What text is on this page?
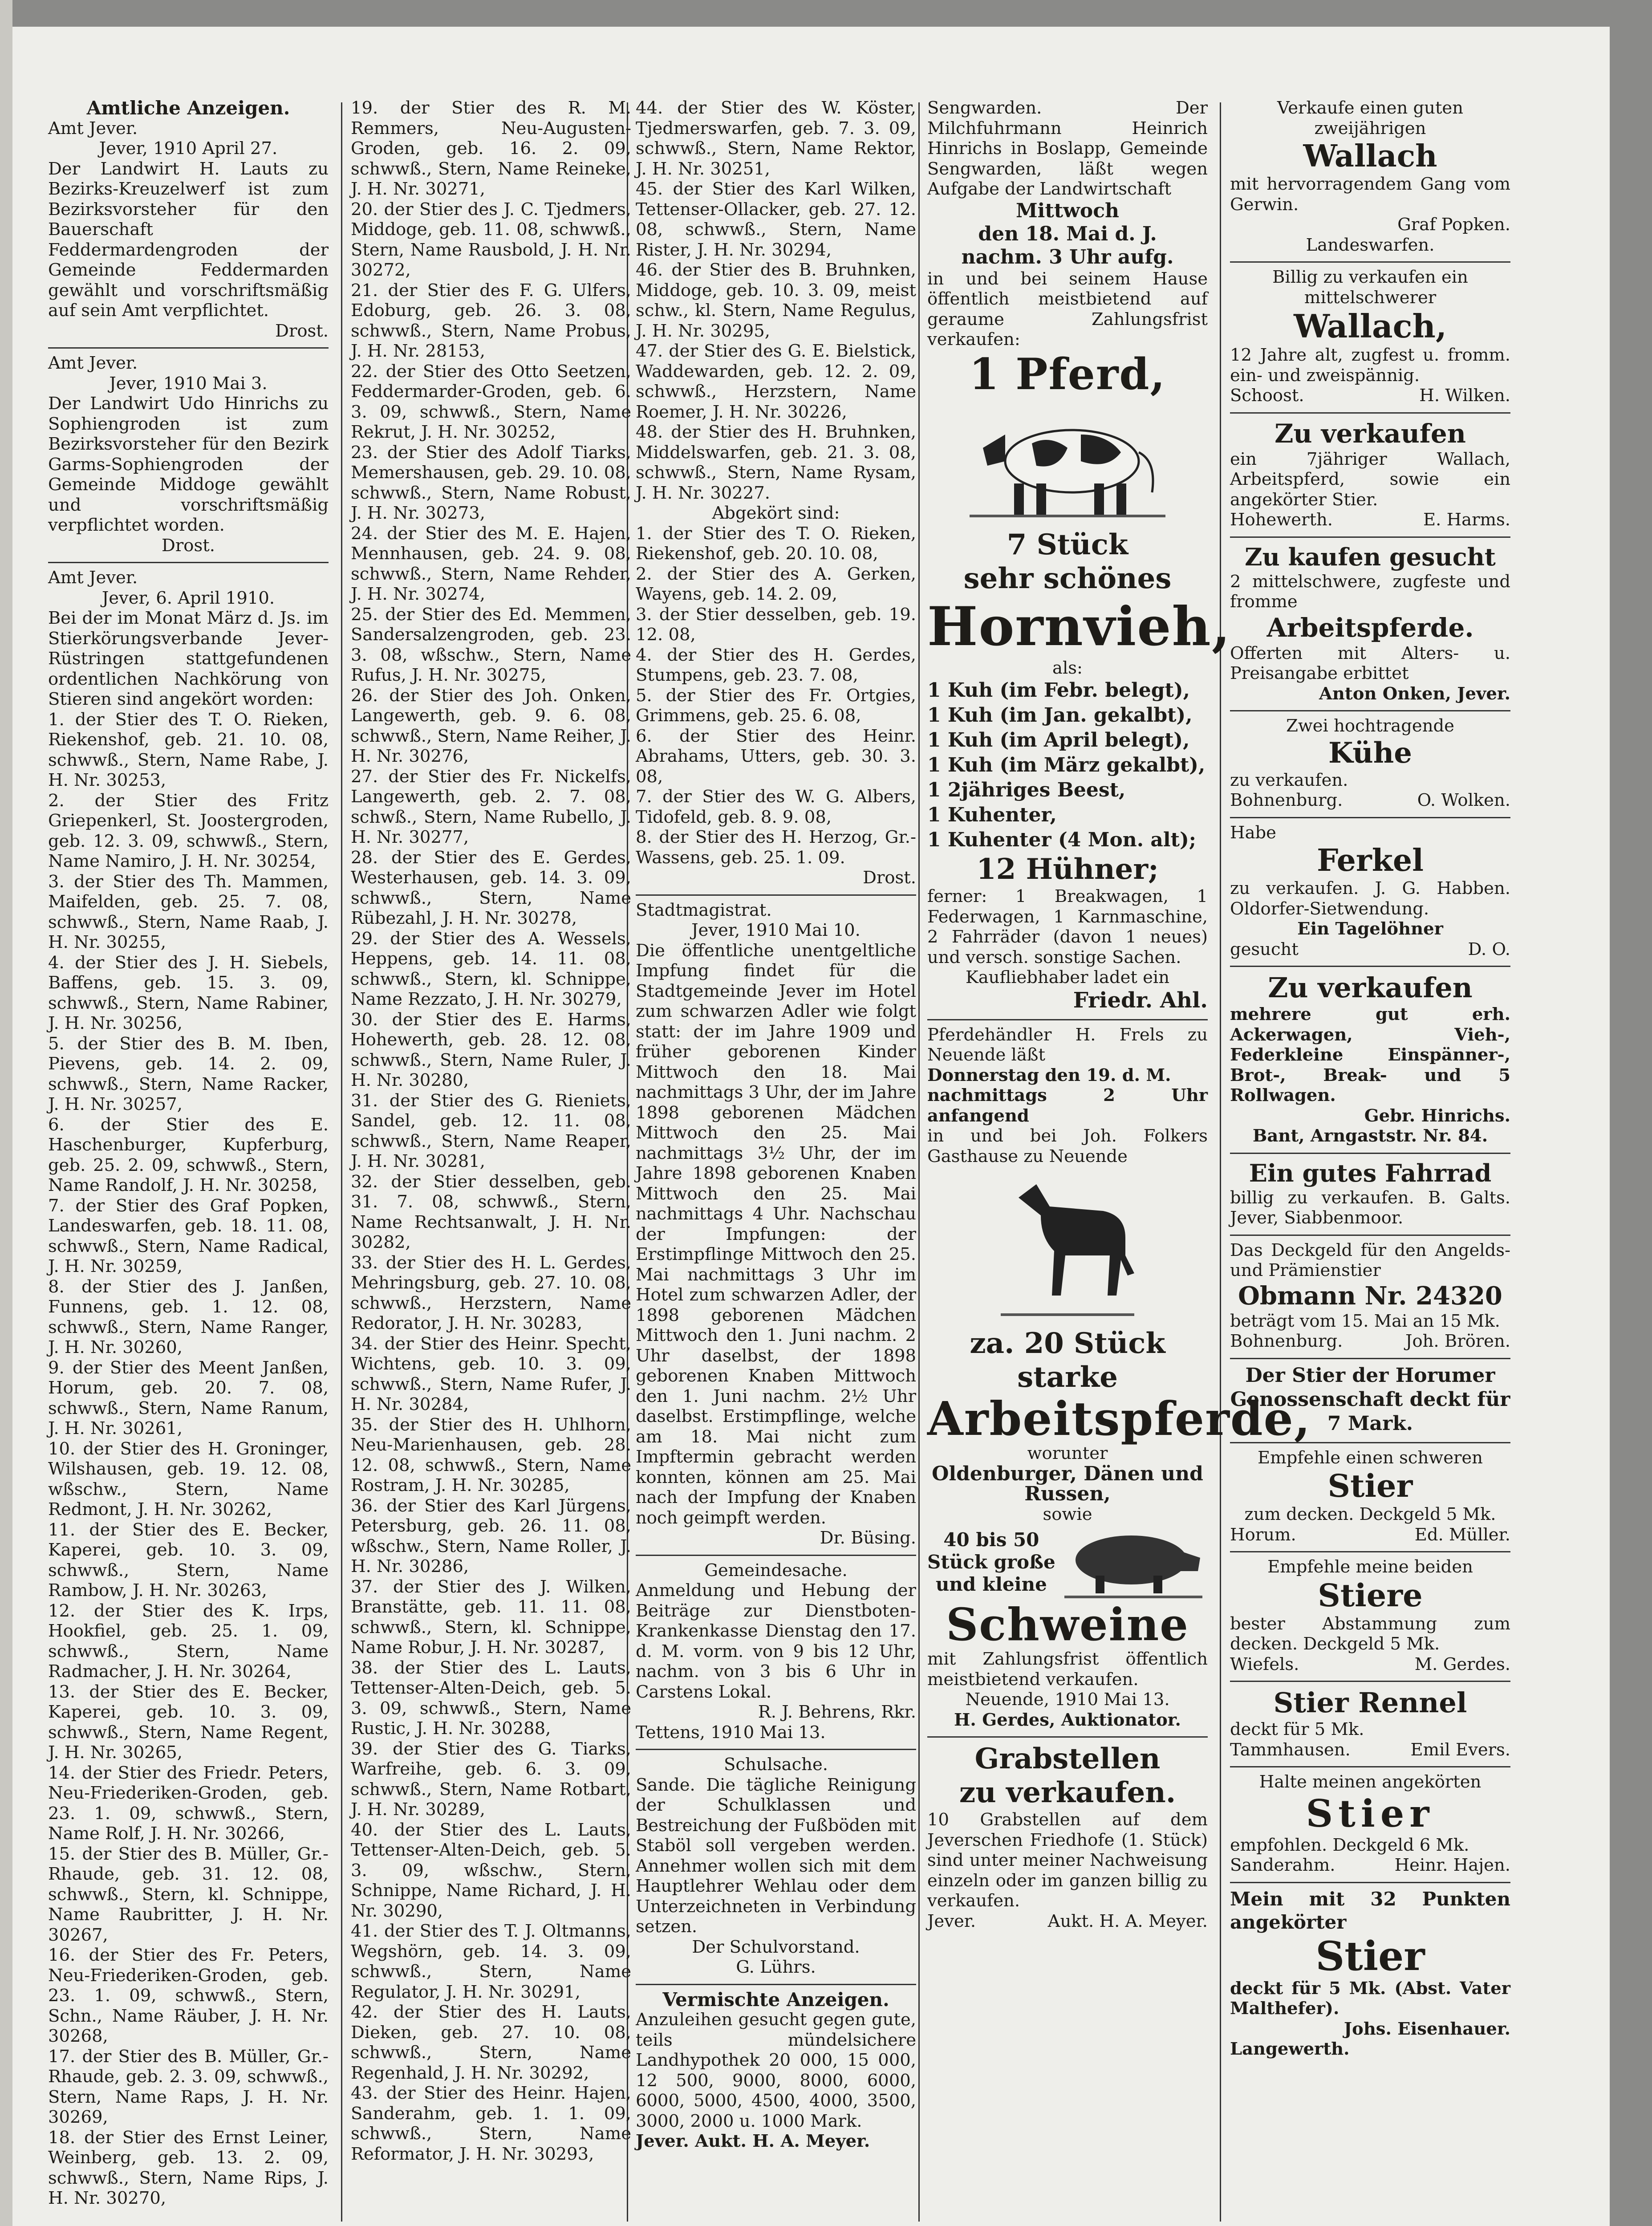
Amtliche Anzeigen.

Amt Jever.

Jever, 1910 April 27.

Der Landwirt H. Lauts zu Bezirks-Kreuzelwerf ist zum Bezirksvorsteher für den Bauerschaft Feddermardengroden der Gemeinde Feddermarden gewählt und vorschriftsmäßig auf sein Amt verpflichtet.

Drost.

Amt Jever.

Jever, 1910 Mai 3.

Der Landwirt Udo Hinrichs zu Sophiengroden ist zum Bezirksvorsteher für den Bezirk Garms-Sophiengroden der Gemeinde Middoge gewählt und vorschriftsmäßig verpflichtet worden.

Drost.

Amt Jever.

Jever, 6. April 1910.

Bei der im Monat März d. Js. im Stierkörungsverbande Jever-Rüstringen stattgefundenen ordentlichen Nachkörung von Stieren sind angekört worden:

1. der Stier des T. O. Rieken, Riekenshof, geb. 21. 10. 08, schwwß., Stern, Name Rabe, J. H. Nr. 30253,

2. der Stier des Fritz Griepenkerl, St. Joostergroden, geb. 12. 3. 09, schwwß., Stern, Name Namiro, J. H. Nr. 30254,

3. der Stier des Th. Mammen, Maifelden, geb. 25. 7. 08, schwwß., Stern, Name Raab, J. H. Nr. 30255,

4. der Stier des J. H. Siebels, Baffens, geb. 15. 3. 09, schwwß., Stern, Name Rabiner, J. H. Nr. 30256,

5. der Stier des B. M. Iben, Pievens, geb. 14. 2. 09, schwwß., Stern, Name Racker, J. H. Nr. 30257,

6. der Stier des E. Haschenburger, Kupferburg, geb. 25. 2. 09, schwwß., Stern, Name Randolf, J. H. Nr. 30258,

7. der Stier des Graf Popken, Landeswarfen, geb. 18. 11. 08, schwwß., Stern, Name Radical, J. H. Nr. 30259,

8. der Stier des J. Janßen, Funnens, geb. 1. 12. 08, schwwß., Stern, Name Ranger, J. H. Nr. 30260,

9. der Stier des Meent Janßen, Horum, geb. 20. 7. 08, schwwß., Stern, Name Ranum, J. H. Nr. 30261,

10. der Stier des H. Groninger, Wilshausen, geb. 19. 12. 08, wßschw., Stern, Name Redmont, J. H. Nr. 30262,

11. der Stier des E. Becker, Kaperei, geb. 10. 3. 09, schwwß., Stern, Name Rambow, J. H. Nr. 30263,

12. der Stier des K. Irps, Hookfiel, geb. 25. 1. 09, schwwß., Stern, Name Radmacher, J. H. Nr. 30264,

13. der Stier des E. Becker, Kaperei, geb. 10. 3. 09, schwwß., Stern, Name Regent, J. H. Nr. 30265,

14. der Stier des Friedr. Peters, Neu-Friederiken-Groden, geb. 23. 1. 09, schwwß., Stern, Name Rolf, J. H. Nr. 30266,

15. der Stier des B. Müller, Gr.-Rhaude, geb. 31. 12. 08, schwwß., Stern, kl. Schnippe, Name Raubritter, J. H. Nr. 30267,

16. der Stier des Fr. Peters, Neu-Friederiken-Groden, geb. 23. 1. 09, schwwß., Stern, Schn., Name Räuber, J. H. Nr. 30268,

17. der Stier des B. Müller, Gr.-Rhaude, geb. 2. 3. 09, schwwß., Stern, Name Raps, J. H. Nr. 30269,

18. der Stier des Ernst Leiner, Weinberg, geb. 13. 2. 09, schwwß., Stern, Name Rips, J. H. Nr. 30270,

19. der Stier des R. M. Remmers, Neu-Augusten-Groden, geb. 16. 2. 09, schwwß., Stern, Name Reineke, J. H. Nr. 30271,

20. der Stier des J. C. Tjedmers, Middoge, geb. 11. 08, schwwß., Stern, Name Rausbold, J. H. Nr. 30272,

21. der Stier des F. G. Ulfers, Edoburg, geb. 26. 3. 08, schwwß., Stern, Name Probus, J. H. Nr. 28153,

22. der Stier des Otto Seetzen, Feddermarder-Groden, geb. 6. 3. 09, schwwß., Stern, Name Rekrut, J. H. Nr. 30252,

23. der Stier des Adolf Tiarks, Memershausen, geb. 29. 10. 08, schwwß., Stern, Name Robust, J. H. Nr. 30273,

24. der Stier des M. E. Hajen, Mennhausen, geb. 24. 9. 08, schwwß., Stern, Name Rehder, J. H. Nr. 30274,

25. der Stier des Ed. Memmen, Sandersalzengroden, geb. 23. 3. 08, wßschw., Stern, Name Rufus, J. H. Nr. 30275,

26. der Stier des Joh. Onken, Langewerth, geb. 9. 6. 08, schwwß., Stern, Name Reiher, J. H. Nr. 30276,

27. der Stier des Fr. Nickelfs, Langewerth, geb. 2. 7. 08, schwß., Stern, Name Rubello, J. H. Nr. 30277,

28. der Stier des E. Gerdes, Westerhausen, geb. 14. 3. 09, schwwß., Stern, Name Rübezahl, J. H. Nr. 30278,

29. der Stier des A. Wessels, Heppens, geb. 14. 11. 08, schwwß., Stern, kl. Schnippe, Name Rezzato, J. H. Nr. 30279,

30. der Stier des E. Harms, Hohewerth, geb. 28. 12. 08, schwwß., Stern, Name Ruler, J. H. Nr. 30280,

31. der Stier des G. Rieniets, Sandel, geb. 12. 11. 08, schwwß., Stern, Name Reaper, J. H. Nr. 30281,

32. der Stier desselben, geb. 31. 7. 08, schwwß., Stern, Name Rechtsanwalt, J. H. Nr. 30282,

33. der Stier des H. L. Gerdes, Mehringsburg, geb. 27. 10. 08, schwwß., Herzstern, Name Redorator, J. H. Nr. 30283,

34. der Stier des Heinr. Specht, Wichtens, geb. 10. 3. 09, schwwß., Stern, Name Rufer, J. H. Nr. 30284,

35. der Stier des H. Uhlhorn, Neu-Marienhausen, geb. 28. 12. 08, schwwß., Stern, Name Rostram, J. H. Nr. 30285,

36. der Stier des Karl Jürgens, Petersburg, geb. 26. 11. 08, wßschw., Stern, Name Roller, J. H. Nr. 30286,

37. der Stier des J. Wilken, Branstätte, geb. 11. 11. 08, schwwß., Stern, kl. Schnippe, Name Robur, J. H. Nr. 30287,

38. der Stier des L. Lauts, Tettenser-Alten-Deich, geb. 5. 3. 09, schwwß., Stern, Name Rustic, J. H. Nr. 30288,

39. der Stier des G. Tiarks, Warfreihe, geb. 6. 3. 09, schwwß., Stern, Name Rotbart, J. H. Nr. 30289,

40. der Stier des L. Lauts, Tettenser-Alten-Deich, geb. 5. 3. 09, wßschw., Stern, Schnippe, Name Richard, J. H. Nr. 30290,

41. der Stier des T. J. Oltmanns, Wegshörn, geb. 14. 3. 09, schwwß., Stern, Name Regulator, J. H. Nr. 30291,

42. der Stier des H. Lauts, Dieken, geb. 27. 10. 08, schwwß., Stern, Name Regenhald, J. H. Nr. 30292,

43. der Stier des Heinr. Hajen, Sanderahm, geb. 1. 1. 09, schwwß., Stern, Name Reformator, J. H. Nr. 30293,

44. der Stier des W. Köster, Tjedmerswarfen, geb. 7. 3. 09, schwwß., Stern, Name Rektor, J. H. Nr. 30251,

45. der Stier des Karl Wilken, Tettenser-Ollacker, geb. 27. 12. 08, schwwß., Stern, Name Rister, J. H. Nr. 30294,

46. der Stier des B. Bruhnken, Middoge, geb. 10. 3. 09, meist schw., kl. Stern, Name Regulus, J. H. Nr. 30295,

47. der Stier des G. E. Bielstick, Waddewarden, geb. 12. 2. 09, schwwß., Herzstern, Name Roemer, J. H. Nr. 30226,

48. der Stier des H. Bruhnken, Middelswarfen, geb. 21. 3. 08, schwwß., Stern, Name Rysam, J. H. Nr. 30227.

Abgekört sind:

1. der Stier des T. O. Rieken, Riekenshof, geb. 20. 10. 08,

2. der Stier des A. Gerken, Wayens, geb. 14. 2. 09,

3. der Stier desselben, geb. 19. 12. 08,

4. der Stier des H. Gerdes, Stumpens, geb. 23. 7. 08,

5. der Stier des Fr. Ortgies, Grimmens, geb. 25. 6. 08,

6. der Stier des Heinr. Abrahams, Utters, geb. 30. 3. 08,

7. der Stier des W. G. Albers, Tidofeld, geb. 8. 9. 08,

8. der Stier des H. Herzog, Gr.-Wassens, geb. 25. 1. 09.

Drost.

Stadtmagistrat.

Jever, 1910 Mai 10.

Die öffentliche unentgeltliche Impfung findet für die Stadtgemeinde Jever im Hotel zum schwarzen Adler wie folgt statt: der im Jahre 1909 und früher geborenen Kinder Mittwoch den 18. Mai nachmittags 3 Uhr, der im Jahre 1898 geborenen Mädchen Mittwoch den 25. Mai nachmittags 3½ Uhr, der im Jahre 1898 geborenen Knaben Mittwoch den 25. Mai nachmittags 4 Uhr. Nachschau der Impfungen: der Erstimpflinge Mittwoch den 25. Mai nachmittags 3 Uhr im Hotel zum schwarzen Adler, der 1898 geborenen Mädchen Mittwoch den 1. Juni nachm. 2 Uhr daselbst, der 1898 geborenen Knaben Mittwoch den 1. Juni nachm. 2½ Uhr daselbst. Erstimpflinge, welche am 18. Mai nicht zum Impftermin gebracht werden konnten, können am 25. Mai nach der Impfung der Knaben noch geimpft werden.

Dr. Büsing.

Gemeindesache.

Anmeldung und Hebung der Beiträge zur Dienstboten-Krankenkasse Dienstag den 17. d. M. vorm. von 9 bis 12 Uhr, nachm. von 3 bis 6 Uhr in Carstens Lokal.

R. J. Behrens, Rkr.

Tettens, 1910 Mai 13.

Schulsache.

Sande. Die tägliche Reinigung der Schulklassen und Bestreichung der Fußböden mit Staböl soll vergeben werden. Annehmer wollen sich mit dem Hauptlehrer Wehlau oder dem Unterzeichneten in Verbindung setzen.

Der Schulvorstand.

G. Lührs.

Vermischte Anzeigen.

Anzuleihen gesucht gegen gute, teils mündelsichere Landhypothek 20 000, 15 000, 12 500, 9000, 8000, 6000, 6000, 5000, 4500, 4000, 3500, 3000, 2000 u. 1000 Mark.

Jever. Aukt. H. A. Meyer.

Sengwarden. Der Milchfuhrmann Heinrich Hinrichs in Boslapp, Gemeinde Sengwarden, läßt wegen Aufgabe der Landwirtschaft

Mittwoch

den 18. Mai d. J.

nachm. 3 Uhr aufg.

in und bei seinem Hause öffentlich meistbietend auf geraume Zahlungsfrist verkaufen:

1 Pferd,

7 Stück

sehr schönes

Hornvieh,

als:

1 Kuh (im Febr. belegt),

1 Kuh (im Jan. gekalbt),

1 Kuh (im April belegt),

1 Kuh (im März gekalbt),

1 2jähriges Beest,

1 Kuhenter,

1 Kuhenter (4 Mon. alt);

12 Hühner;

ferner: 1 Breakwagen, 1 Federwagen, 1 Karnmaschine, 2 Fahrräder (davon 1 neues) und versch. sonstige Sachen.

Kaufliebhaber ladet ein

Friedr. Ahl.

Pferdehändler H. Frels zu Neuende läßt

Donnerstag den 19. d. M.

nachmittags 2 Uhr anfangend

in und bei Joh. Folkers Gasthause zu Neuende

za. 20 Stück

starke

Arbeitspferde,

worunter

Oldenburger, Dänen und Russen,

sowie

40 bis 50

Stück große

und kleine

Schweine

mit Zahlungsfrist öffentlich meistbietend verkaufen.

Neuende, 1910 Mai 13.

H. Gerdes, Auktionator.

Grabstellen

zu verkaufen.

10 Grabstellen auf dem Jeverschen Friedhofe (1. Stück) sind unter meiner Nachweisung einzeln oder im ganzen billig zu verkaufen.

Jever.	Aukt. H. A. Meyer.

Verkaufe einen guten zweijährigen

Wallach

mit hervorragendem Gang vom Gerwin.

Graf Popken.

Landeswarfen.

Billig zu verkaufen ein mittelschwerer

Wallach,

12 Jahre alt, zugfest u. fromm. ein- und zweispännig.

Schoost.	H. Wilken.

Zu verkaufen

ein 7jähriger Wallach, Arbeitspferd, sowie ein angekörter Stier.

Hohewerth.	E. Harms.

Zu kaufen gesucht

2 mittelschwere, zugfeste und fromme

Arbeitspferde.

Offerten mit Alters- u. Preisangabe erbittet

Anton Onken, Jever.

Zwei hochtragende

Kühe

zu verkaufen.

Bohnenburg.	O. Wolken.

Habe

Ferkel

zu verkaufen. J. G. Habben. Oldorfer-Sietwendung.

Ein Tagelöhner

gesucht	D. O.

Zu verkaufen

mehrere gut erh. Ackerwagen, Vieh-, Federkleine Einspänner-, Brot-, Break- und 5 Rollwagen.

Gebr. Hinrichs.

Bant, Arngaststr. Nr. 84.

Ein gutes Fahrrad

billig zu verkaufen. B. Galts. Jever, Siabbenmoor.

Das Deckgeld für den Angelds- und Prämienstier

Obmann Nr. 24320

beträgt vom 15. Mai an 15 Mk.

Bohnenburg.	Joh. Brören.

Der Stier der Horumer Genossenschaft deckt für 7 Mark.

Empfehle einen schweren

Stier

zum decken. Deckgeld 5 Mk.

Horum.	Ed. Müller.

Empfehle meine beiden

Stiere

bester Abstammung zum decken. Deckgeld 5 Mk.

Wiefels.	M. Gerdes.

Stier Rennel

deckt für 5 Mk.

Tammhausen.	Emil Evers.

Halte meinen angekörten

Stier

empfohlen. Deckgeld 6 Mk.

Sanderahm.	Heinr. Hajen.

Mein mit 32 Punkten angekörter

Stier

deckt für 5 Mk. (Abst. Vater Malthefer).

Johs. Eisenhauer.

Langewerth.
